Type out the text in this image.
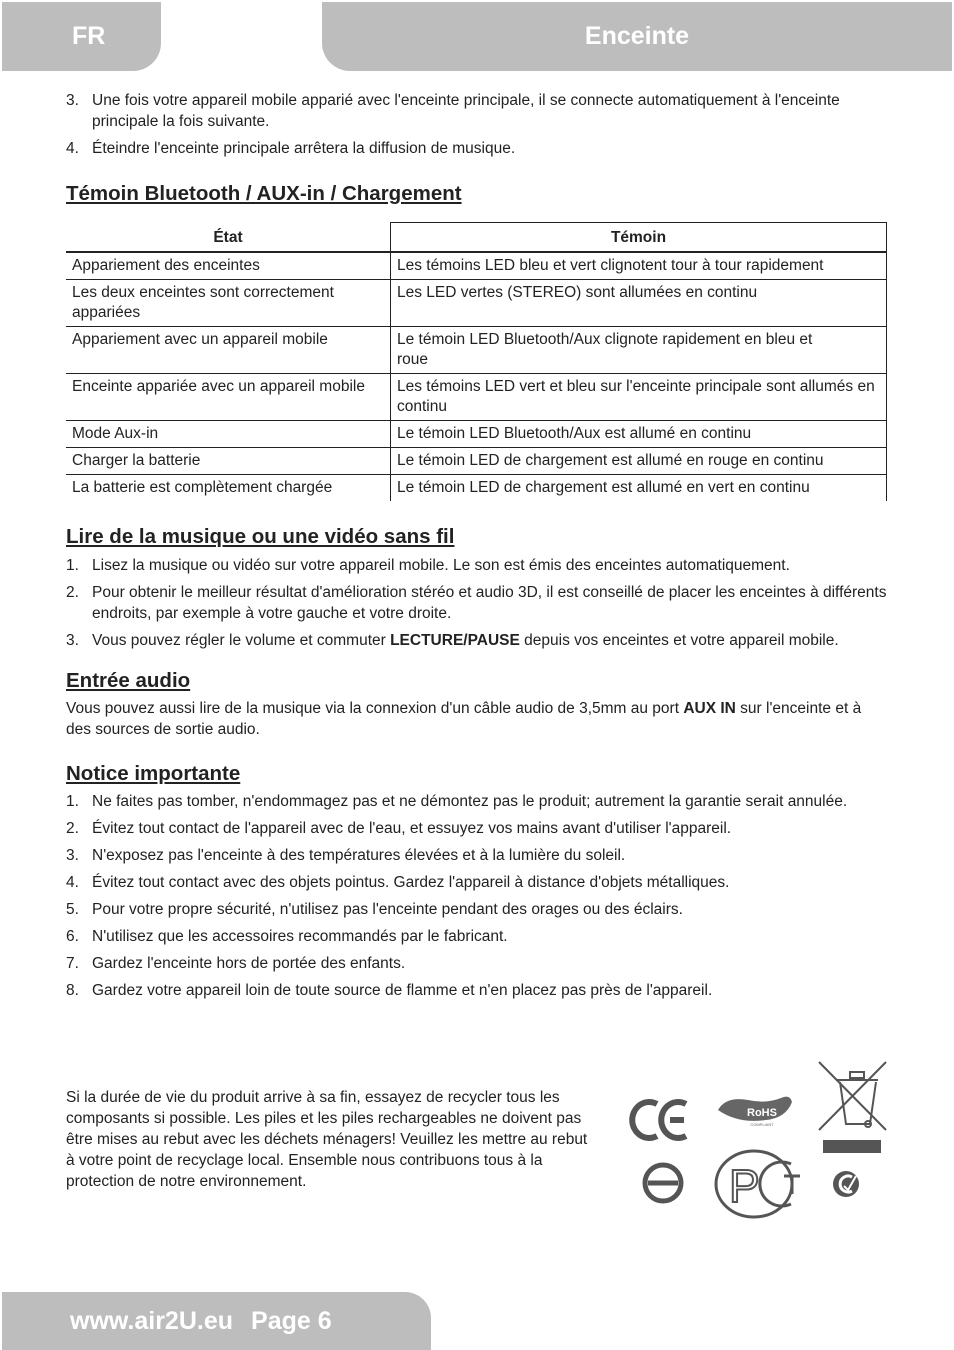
FR	Enceinte
3. Une fois votre appareil mobile apparié avec l'enceinte principale, il se connecte automatiquement à l'enceinte principale la fois suivante.
4. Éteindre l'enceinte principale arrêtera la diffusion de musique.
Témoin Bluetooth / AUX-in / Chargement
État	Témoin
Appariement des enceintes	Les témoins LED bleu et vert clignotent tour à tour rapidement
Les deux enceintes sont correctement appariées	Les LED vertes (STEREO) sont allumées en continu
Appariement avec un appareil mobile	Le témoin LED Bluetooth/Aux clignote rapidement en bleu et roue
Enceinte appariée avec un appareil mobile	Les témoins LED vert et bleu sur l'enceinte principale sont allumés en continu
Mode Aux-in	Le témoin LED Bluetooth/Aux est allumé en continu
Charger la batterie	Le témoin LED de chargement est allumé en rouge en continu
La batterie est complètement chargée	Le témoin LED de chargement est allumé en vert en continu
Lire de la musique ou une vidéo sans fil
1. Lisez la musique ou vidéo sur votre appareil mobile. Le son est émis des enceintes automatiquement.
2. Pour obtenir le meilleur résultat d'amélioration stéréo et audio 3D, il est conseillé de placer les enceintes à différents endroits, par exemple à votre gauche et votre droite.
3. Vous pouvez régler le volume et commuter LECTURE/PAUSE depuis vos enceintes et votre appareil mobile.
Entrée audio

Vous pouvez aussi lire de la musique via la connexion d'un câble audio de 3,5mm au port AUX IN sur l'enceinte et à des sources de sortie audio.

Notice importante
1. Ne faites pas tomber, n'endommagez pas et ne démontez pas le produit; autrement la garantie serait annulée.
2. Évitez tout contact de l'appareil avec de l'eau, et essuyez vos mains avant d'utiliser l'appareil.
3. N'exposez pas l'enceinte à des températures élevées et à la lumière du soleil.
4. Évitez tout contact avec des objets pointus. Gardez l'appareil à distance d'objets métalliques.
5. Pour votre propre sécurité, n'utilisez pas l'enceinte pendant des orages ou des éclairs.
6. N'utilisez que les accessoires recommandés par le fabricant.
7. Gardez l'enceinte hors de portée des enfants.
8. Gardez votre appareil loin de toute source de flamme et n'en placez pas près de l'appareil.

Si la durée de vie du produit arrive à sa fin, essayez de recycler tous les composants si possible. Les piles et les piles rechargeables ne doivent pas être mises au rebut avec les déchets ménagers! Veuillez les mettre au rebut à votre point de recyclage local. Ensemble nous contribuons tous à la protection de notre environnement.

RoHS
COMPLIANT
P
www.air2U.eu Page 6
